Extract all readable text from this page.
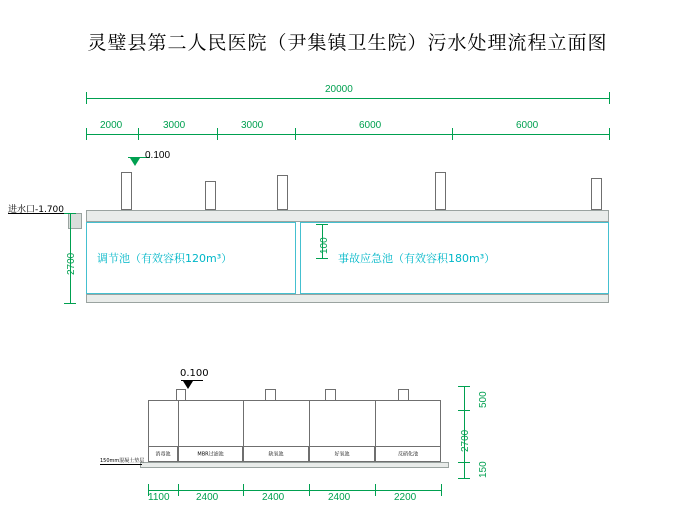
灵璧县第二人民医院（尹集镇卫生院）污水处理流程立面图
20000
2000	3000	3000	6000	6000
0.100
进水口-1.700
调节池（有效容积120m³）	事故应急池（有效容积180m³）
2700
100
0.100
消毒池	MBR过滤池	缺氧池	好氧池	反硝化池
150mm混凝土垫层
500
2700
150
1100	2400	2400	2400	2200
